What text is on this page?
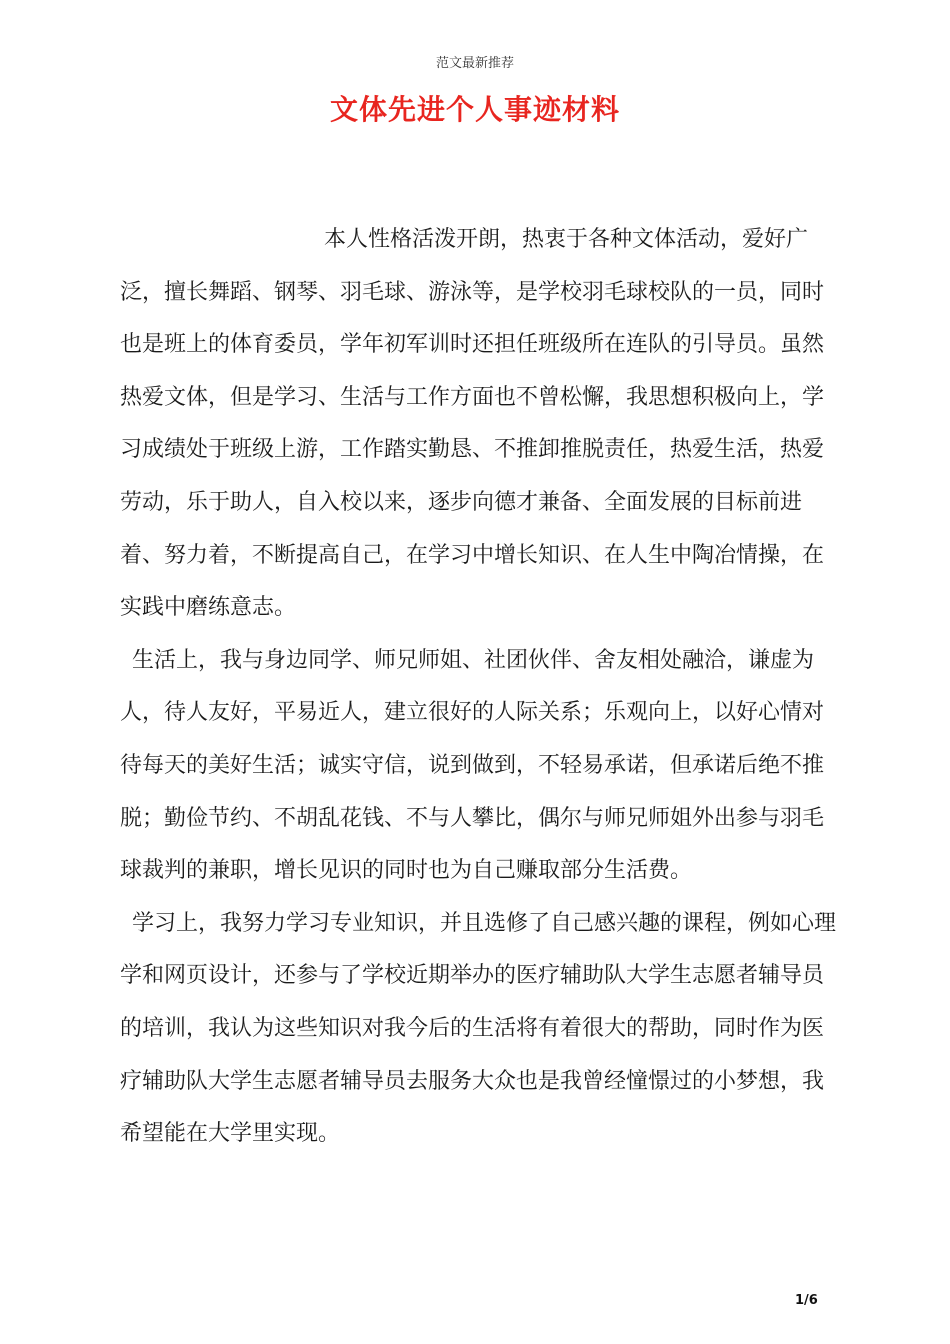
范文最新推荐
文体先进个人事迹材料

本人性格活泼开朗，热衷于各种文体活动，爱好广泛，擅长舞蹈、钢琴、羽毛球、游泳等，是学校羽毛球校队的一员，同时也是班上的体育委员，学年初军训时还担任班级所在连队的引导员。虽然热爱文体，但是学习、生活与工作方面也不曾松懈，我思想积极向上，学习成绩处于班级上游，工作踏实勤恳、不推卸推脱责任，热爱生活，热爱劳动，乐于助人，自入校以来，逐步向德才兼备、全面发展的目标前进着、努力着，不断提高自己，在学习中增长知识、在人生中陶冶情操，在实践中磨练意志。

生活上，我与身边同学、师兄师姐、社团伙伴、舍友相处融洽，谦虚为人，待人友好，平易近人，建立很好的人际关系；乐观向上，以好心情对待每天的美好生活；诚实守信，说到做到，不轻易承诺，但承诺后绝不推脱；勤俭节约、不胡乱花钱、不与人攀比，偶尔与师兄师姐外出参与羽毛球裁判的兼职，增长见识的同时也为自己赚取部分生活费。

学习上，我努力学习专业知识，并且选修了自己感兴趣的课程，例如心理学和网页设计，还参与了学校近期举办的医疗辅助队大学生志愿者辅导员的培训，我认为这些知识对我今后的生活将有着很大的帮助，同时作为医疗辅助队大学生志愿者辅导员去服务大众也是我曾经憧憬过的小梦想，我希望能在大学里实现。

1/6
